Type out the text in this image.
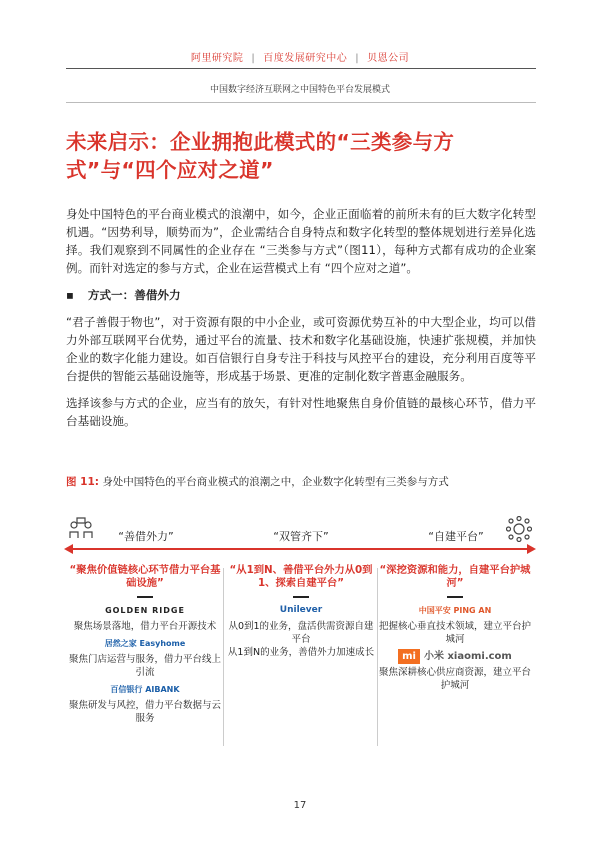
阿里研究院 | 百度发展研究中心 | 贝恩公司
中国数字经济互联网之中国特色平台发展模式
未来启示：企业拥抱此模式的“三类参与方式”与“四个应对之道”

身处中国特色的平台商业模式的浪潮中，如今，企业正面临着的前所未有的巨大数字化转型机遇。“因势利导，顺势而为”，企业需结合自身特点和数字化转型的整体规划进行差异化选择。我们观察到不同属性的企业存在 “三类参与方式”（图11），每种方式都有成功的企业案例。而针对选定的参与方式，企业在运营模式上有 “四个应对之道”。

▪ 方式一：善借外力

“君子善假于物也”，对于资源有限的中小企业，或可资源优势互补的中大型企业，均可以借力外部互联网平台优势，通过平台的流量、技术和数字化基础设施，快速扩张规模，并加快企业的数字化能力建设。如百信银行自身专注于科技与风控平台的建设，充分利用百度等平台提供的智能云基础设施等，形成基于场景、更准的定制化数字普惠金融服务。

选择该参与方式的企业，应当有的放矢，有针对性地聚焦自身价值链的最核心环节，借力平台基础设施。

图 11: 身处中国特色的平台商业模式的浪潮之中，企业数字化转型有三类参与方式
“善借外力”	“双管齐下”	“自建平台”
“聚焦价值链核心环节借力平台基础设施”
GOLDEN RIDGE
聚焦场景落地，借力平台开源技术
居然之家 Easyhome
聚焦门店运营与服务，借力平台线上引流
百信银行 AIBANK
聚焦研发与风控，借力平台数据与云服务
“从1到N、善借平台外力从0到1、探索自建平台”
Unilever
从0到1的业务，盘活供需资源自建平台
从1到N的业务，善借外力加速成长
“深挖资源和能力，自建平台护城河”
中国平安 PING AN
把握核心垂直技术领域，建立平台护城河
mi 小米 xiaomi.com
聚焦深耕核心供应商资源，建立平台护城河
17
